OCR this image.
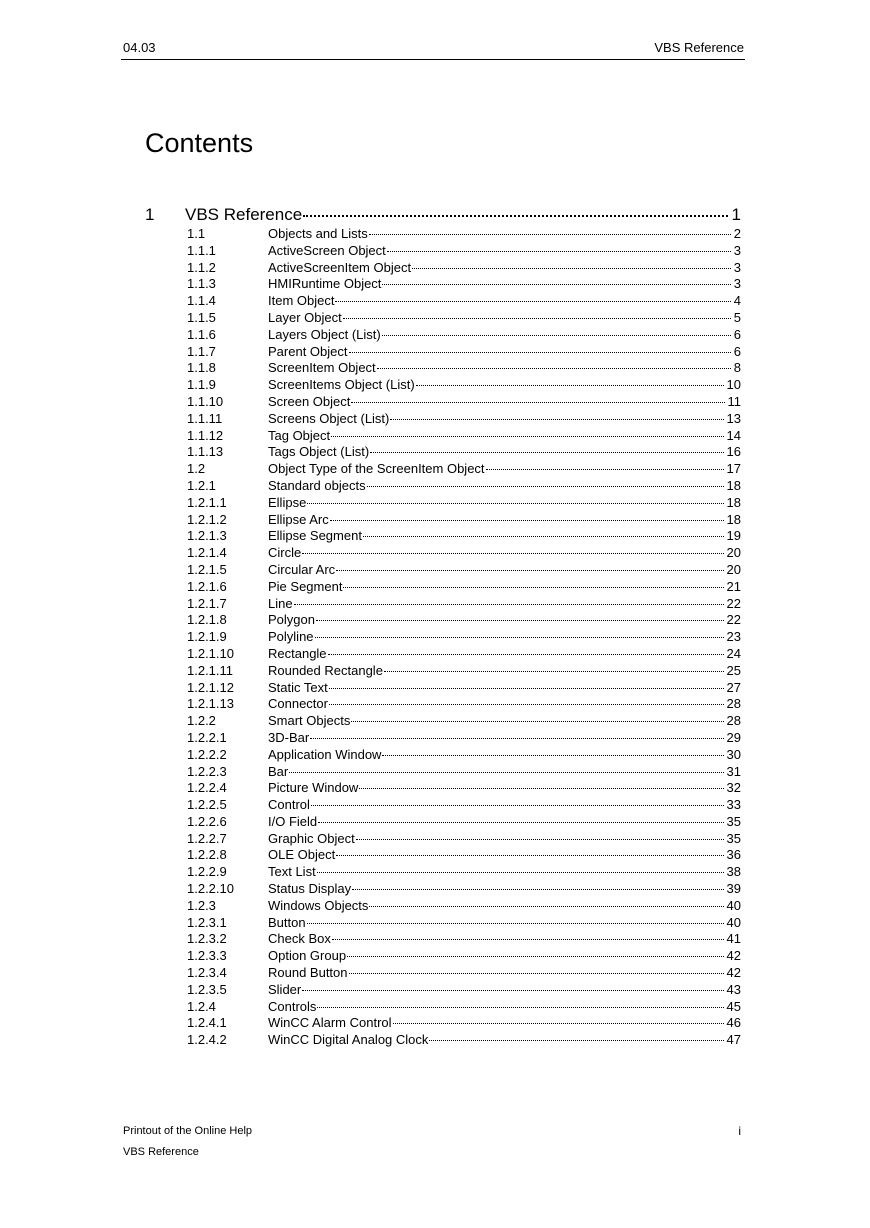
04.03	VBS Reference
Contents
1 VBS Reference	1
1.1	Objects and Lists	2
1.1.1	ActiveScreen Object	3
1.1.2	ActiveScreenItem Object	3
1.1.3	HMIRuntime Object	3
1.1.4	Item Object	4
1.1.5	Layer Object	5
1.1.6	Layers Object (List)	6
1.1.7	Parent Object	6
1.1.8	ScreenItem Object	8
1.1.9	ScreenItems Object (List)	10
1.1.10	Screen Object	11
1.1.11	Screens Object (List)	13
1.1.12	Tag Object	14
1.1.13	Tags Object (List)	16
1.2	Object Type of the ScreenItem Object	17
1.2.1	Standard objects	18
1.2.1.1	Ellipse	18
1.2.1.2	Ellipse Arc	18
1.2.1.3	Ellipse Segment	19
1.2.1.4	Circle	20
1.2.1.5	Circular Arc	20
1.2.1.6	Pie Segment	21
1.2.1.7	Line	22
1.2.1.8	Polygon	22
1.2.1.9	Polyline	23
1.2.1.10	Rectangle	24
1.2.1.11	Rounded Rectangle	25
1.2.1.12	Static Text	27
1.2.1.13	Connector	28
1.2.2	Smart Objects	28
1.2.2.1	3D-Bar	29
1.2.2.2	Application Window	30
1.2.2.3	Bar	31
1.2.2.4	Picture Window	32
1.2.2.5	Control	33
1.2.2.6	I/O Field	35
1.2.2.7	Graphic Object	35
1.2.2.8	OLE Object	36
1.2.2.9	Text List	38
1.2.2.10	Status Display	39
1.2.3	Windows Objects	40
1.2.3.1	Button	40
1.2.3.2	Check Box	41
1.2.3.3	Option Group	42
1.2.3.4	Round Button	42
1.2.3.5	Slider	43
1.2.4	Controls	45
1.2.4.1	WinCC Alarm Control	46
1.2.4.2	WinCC Digital Analog Clock	47
Printout of the Online Help	i
VBS Reference
